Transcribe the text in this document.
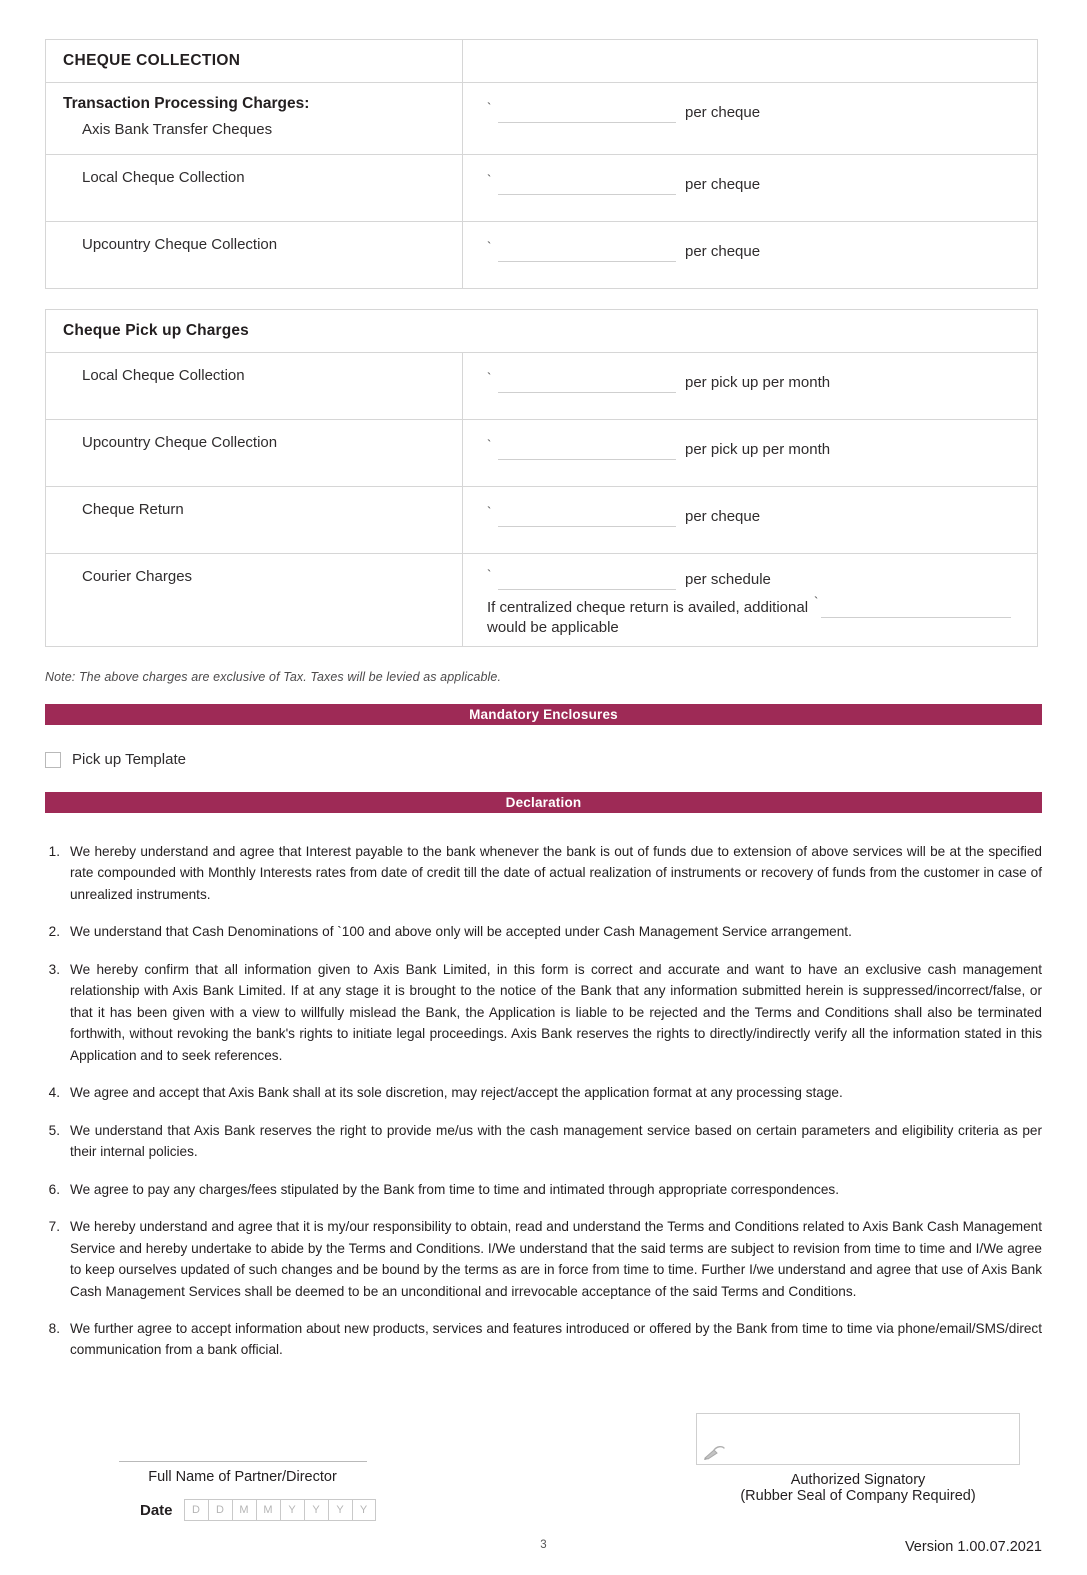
CHEQUE COLLECTION	

Transaction Processing Charges:
Axis Bank Transfer Cheques

`	per cheque

Local Cheque Collection	` per cheque

Upcountry Cheque Collection	` per cheque
Cheque Pick up Charges	

Local Cheque Collection	` per pick up per month

Upcountry Cheque Collection	` per pick up per month

Cheque Return	` per cheque

Courier Charges	` per schedule
If centralized cheque return is availed, additional `
would be applicable
Note: The above charges are exclusive of Tax. Taxes will be levied as applicable.
Mandatory Enclosures
Pick up Template
Declaration
1. We hereby understand and agree that Interest payable to the bank whenever the bank is out of funds due to extension of above services will be at the specified rate compounded with Monthly Interests rates from date of credit till the date of actual realization of instruments or recovery of funds from the customer in case of unrealized instruments.
2. We understand that Cash Denominations of `100 and above only will be accepted under Cash Management Service arrangement.
3. We hereby confirm that all information given to Axis Bank Limited, in this form is correct and accurate and want to have an exclusive cash management relationship with Axis Bank Limited. If at any stage it is brought to the notice of the Bank that any information submitted herein is suppressed/incorrect/false, or that it has been given with a view to willfully mislead the Bank, the Application is liable to be rejected and the Terms and Conditions shall also be terminated forthwith, without revoking the bank's rights to initiate legal proceedings. Axis Bank reserves the rights to directly/indirectly verify all the information stated in this Application and to seek references.
4. We agree and accept that Axis Bank shall at its sole discretion, may reject/accept the application format at any processing stage.
5. We understand that Axis Bank reserves the right to provide me/us with the cash management service based on certain parameters and eligibility criteria as per their internal policies.
6. We agree to pay any charges/fees stipulated by the Bank from time to time and intimated through appropriate correspondences.
7. We hereby understand and agree that it is my/our responsibility to obtain, read and understand the Terms and Conditions related to Axis Bank Cash Management Service and hereby undertake to abide by the Terms and Conditions. I/We understand that the said terms are subject to revision from time to time and I/We agree to keep ourselves updated of such changes and be bound by the terms as are in force from time to time. Further I/we understand and agree that use of Axis Bank Cash Management Services shall be deemed to be an unconditional and irrevocable acceptance of the said Terms and Conditions.
8. We further agree to accept information about new products, services and features introduced or offered by the Bank from time to time via phone/email/SMS/direct communication from a bank official.
Full Name of Partner/Director
Date	D	D	M	M	Y	Y	Y	Y
Authorized Signatory
(Rubber Seal of Company Required)
3	Version 1.00.07.2021
